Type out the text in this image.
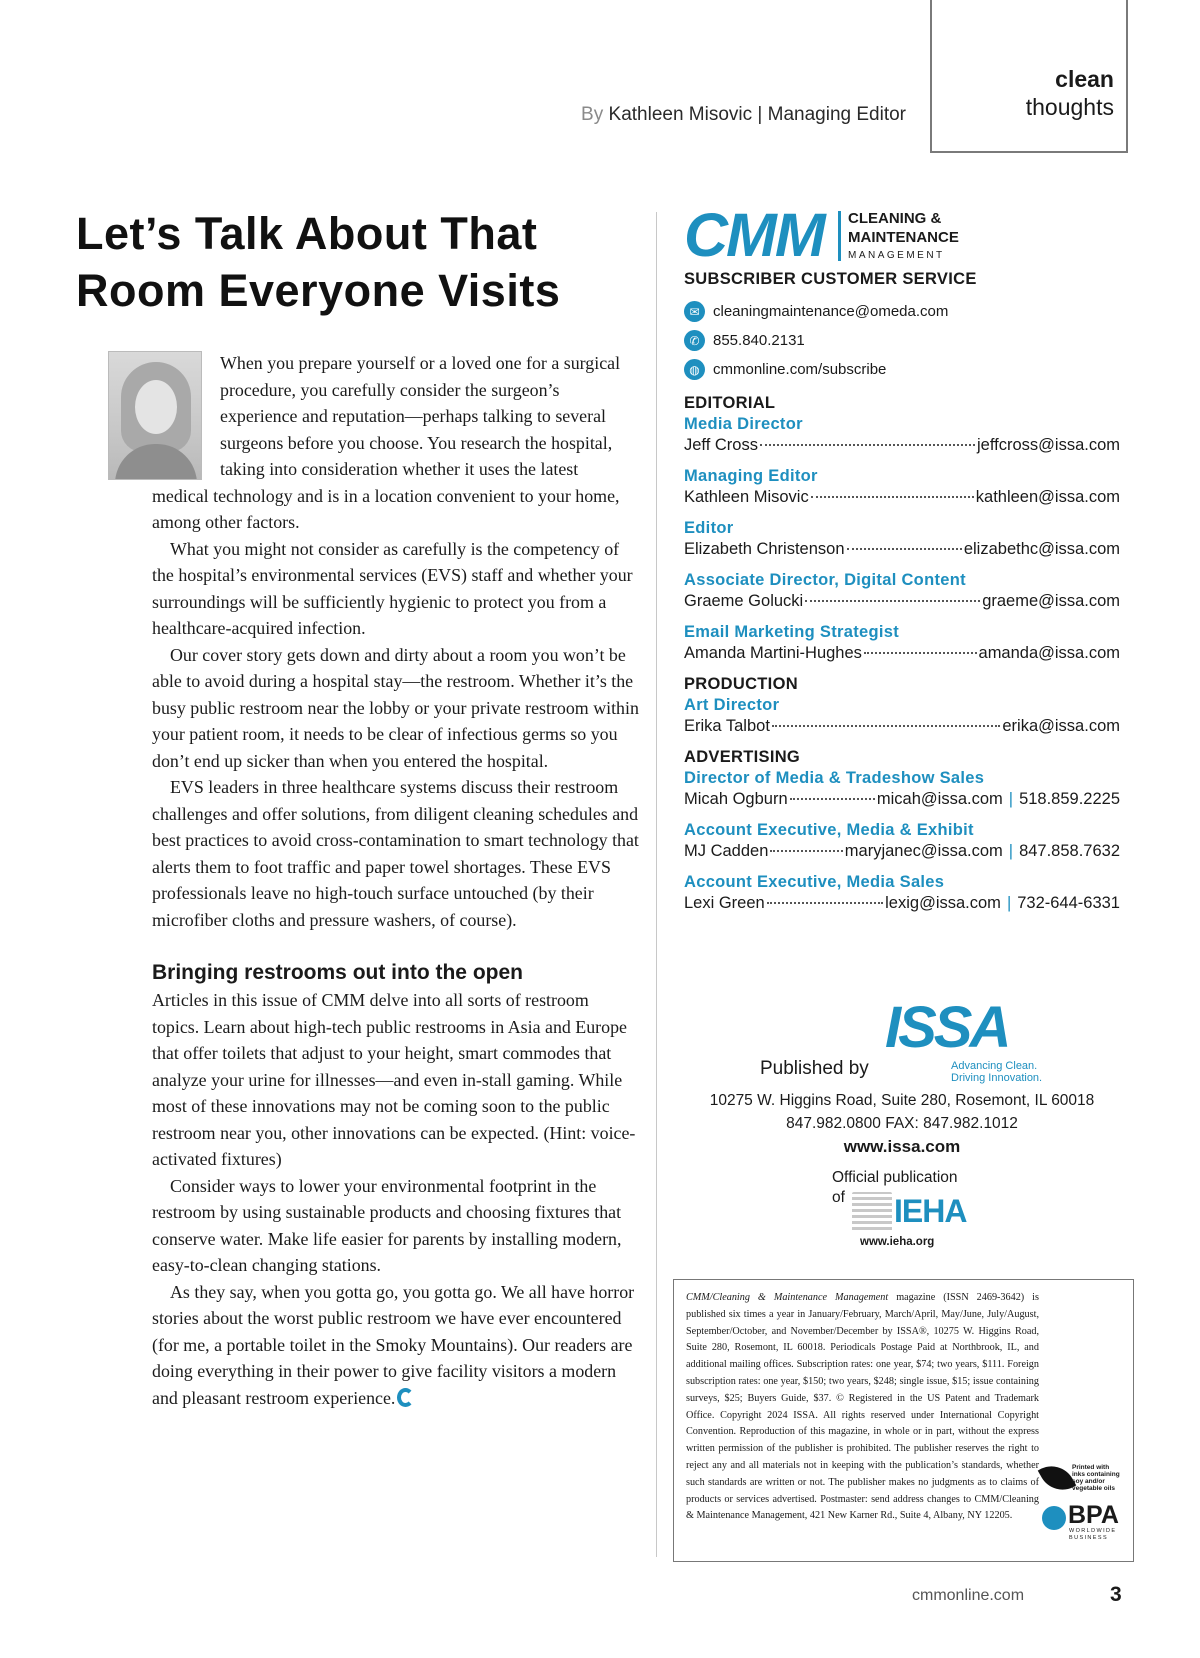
clean
thoughts
By Kathleen Misovic | Managing Editor
Let’s Talk About That Room Everyone Visits

When you prepare yourself or a loved one for a surgical procedure, you carefully consider the surgeon’s experience and reputation—perhaps talking to several surgeons before you choose. You research the hospital, taking into consideration whether it uses the latest medical technology and is in a location convenient to your home, among other factors.

What you might not consider as carefully is the competency of the hospital’s environmental services (EVS) staff and whether your surroundings will be sufficiently hygienic to protect you from a healthcare-acquired infection.

Our cover story gets down and dirty about a room you won’t be able to avoid during a hospital stay—the restroom. Whether it’s the busy public restroom near the lobby or your private restroom within your patient room, it needs to be clear of infectious germs so you don’t end up sicker than when you entered the hospital.

EVS leaders in three healthcare systems discuss their restroom challenges and offer solutions, from diligent cleaning schedules and best practices to avoid cross-contamination to smart technology that alerts them to foot traffic and paper towel shortages. These EVS professionals leave no high-touch surface untouched (by their microfiber cloths and pressure washers, of course).

Bringing restrooms out into the open

Articles in this issue of CMM delve into all sorts of restroom topics. Learn about high-tech public restrooms in Asia and Europe that offer toilets that adjust to your height, smart commodes that analyze your urine for illnesses—and even in-stall gaming. While most of these innovations may not be coming soon to the public restroom near you, other innovations can be expected. (Hint: voice-activated fixtures)

Consider ways to lower your environmental footprint in the restroom by using sustainable products and choosing fixtures that conserve water. Make life easier for parents by installing modern, easy-to-clean changing stations.

As they say, when you gotta go, you gotta go. We all have horror stories about the worst public restroom we have ever encountered (for me, a portable toilet in the Smoky Mountains). Our readers are doing everything in their power to give facility visitors a modern and pleasant restroom experience.

CMM CLEANING &
MAINTENANCE
MANAGEMENT
SUBSCRIBER CUSTOMER SERVICE
✉ cleaningmaintenance@omeda.com
✆ 855.840.2131
◍ cmmonline.com/subscribe
EDITORIAL
Media Director
Jeff Cross	jeffcross@issa.com
Managing Editor
Kathleen Misovic	kathleen@issa.com
Editor
Elizabeth Christenson	elizabethc@issa.com
Associate Director, Digital Content
Graeme Golucki	graeme@issa.com
Email Marketing Strategist
Amanda Martini-Hughes	amanda@issa.com
PRODUCTION
Art Director
Erika Talbot	erika@issa.com
ADVERTISING
Director of Media & Tradeshow Sales
Micah Ogburn	micah@issa.com | 518.859.2225
Account Executive, Media & Exhibit
MJ Cadden	maryjanec@issa.com | 847.858.7632
Account Executive, Media Sales
Lexi Green	lexig@issa.com | 732-644-6331
ISSA
Advancing Clean.
Driving Innovation.
Published by
10275 W. Higgins Road, Suite 280, Rosemont, IL 60018
847.982.0800 FAX: 847.982.1012
www.issa.com
Official publication
of	IEHA
www.ieha.org
CMM/Cleaning & Maintenance Management magazine (ISSN 2469-3642) is published six times a year in January/February, March/April, May/June, July/August, September/October, and November/December by ISSA®, 10275 W. Higgins Road, Suite 280, Rosemont, IL 60018. Periodicals Postage Paid at Northbrook, IL, and additional mailing offices. Subscription rates: one year, $74; two years, $111. Foreign subscription rates: one year, $150; two years, $248; single issue, $15; issue containing surveys, $25; Buyers Guide, $37. © Registered in the US Patent and Trademark Office. Copyright 2024 ISSA. All rights reserved under International Copyright Convention. Reproduction of this magazine, in whole or in part, without the express written permission of the publisher is prohibited. The publisher reserves the right to reject any and all materials not in keeping with the publication’s standards, whether such standards are written or not. The publisher makes no judgments as to claims of products or services advertised. Postmaster: send address changes to CMM/Cleaning & Maintenance Management, 421 New Karner Rd., Suite 4, Albany, NY 12205.
Printed with inks containing soy and/or vegetable oils
BPA
WORLDWIDE BUSINESS
cmmonline.com	3
